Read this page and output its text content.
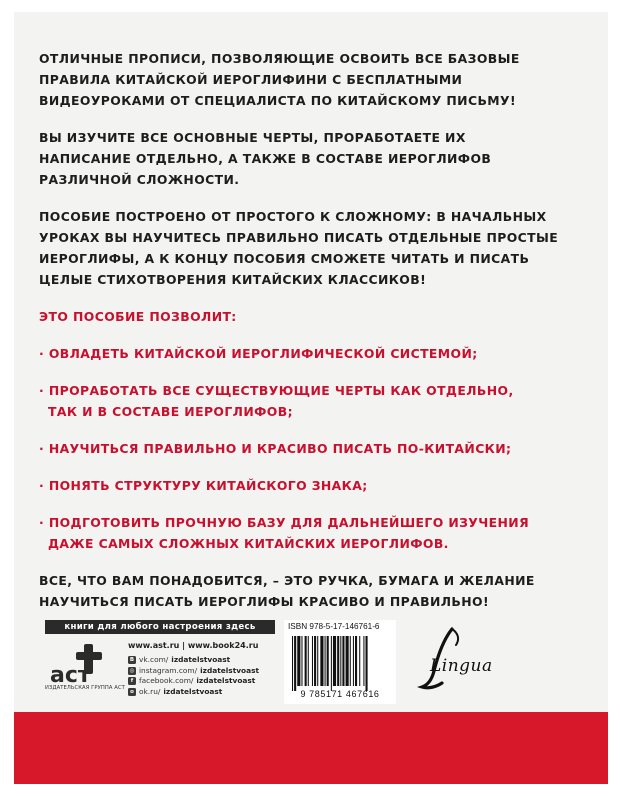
ОТЛИЧНЫЕ ПРОПИСИ, ПОЗВОЛЯЮЩИЕ ОСВОИТЬ ВСЕ БАЗОВЫЕ

ПРАВИЛА КИТАЙСКОЙ ИЕРОГЛИФИНИ С БЕСПЛАТНЫМИ

ВИДЕОУРОКАМИ ОТ СПЕЦИАЛИСТА ПО КИТАЙСКОМУ ПИСЬМУ!

ВЫ ИЗУЧИТЕ ВСЕ ОСНОВНЫЕ ЧЕРТЫ, ПРОРАБОТАЕТЕ ИХ

НАПИСАНИЕ ОТДЕЛЬНО, А ТАКЖЕ В СОСТАВЕ ИЕРОГЛИФОВ

РАЗЛИЧНОЙ СЛОЖНОСТИ.

ПОСОБИЕ ПОСТРОЕНО ОТ ПРОСТОГО К СЛОЖНОМУ: В НАЧАЛЬНЫХ

УРОКАХ ВЫ НАУЧИТЕСЬ ПРАВИЛЬНО ПИСАТЬ ОТДЕЛЬНЫЕ ПРОСТЫЕ

ИЕРОГЛИФЫ, А К КОНЦУ ПОСОБИЯ СМОЖЕТЕ ЧИТАТЬ И ПИСАТЬ

ЦЕЛЫЕ СТИХОТВОРЕНИЯ КИТАЙСКИХ КЛАССИКОВ!

ЭТО ПОСОБИЕ ПОЗВОЛИТ:

· ОВЛАДЕТЬ КИТАЙСКОЙ ИЕРОГЛИФИЧЕСКОЙ СИСТЕМОЙ;

· ПРОРАБОТАТЬ ВСЕ СУЩЕСТВУЮЩИЕ ЧЕРТЫ КАК ОТДЕЛЬНО,

ТАК И В СОСТАВЕ ИЕРОГЛИФОВ;

· НАУЧИТЬСЯ ПРАВИЛЬНО И КРАСИВО ПИСАТЬ ПО-КИТАЙСКИ;

· ПОНЯТЬ СТРУКТУРУ КИТАЙСКОГО ЗНАКА;

· ПОДГОТОВИТЬ ПРОЧНУЮ БАЗУ ДЛЯ ДАЛЬНЕЙШЕГО ИЗУЧЕНИЯ

ДАЖЕ САМЫХ СЛОЖНЫХ КИТАЙСКИХ ИЕРОГЛИФОВ.

ВСЕ, ЧТО ВАМ ПОНАДОБИТСЯ, – ЭТО РУЧКА, БУМАГА И ЖЕЛАНИЕ

НАУЧИТЬСЯ ПИСАТЬ ИЕРОГЛИФЫ КРАСИВО И ПРАВИЛЬНО!

книги для любого настроения здесь
аст
ИЗДАТЕЛЬСКАЯ ГРУППА АСТ
www.ast.ru | www.book24.ru
В vk.com/ izdatelstvoast
◎ instagram.com/ izdatelstvoast
f facebook.com/ izdatelstvoast
о ok.ru/ izdatelstvoast
ISBN 978-5-17-146761-6
9 785171 467616
Lingua
